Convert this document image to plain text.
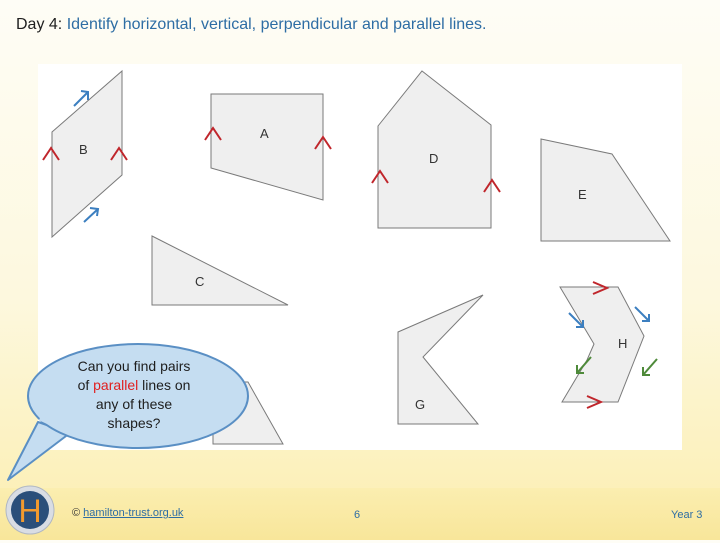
Day 4: Identify horizontal, vertical, perpendicular and parallel lines.
B
A
D
E
C
G
H
Can you find pairs
of parallel lines on
any of these
shapes?
H	© hamilton-trust.org.uk	6	Year 3
